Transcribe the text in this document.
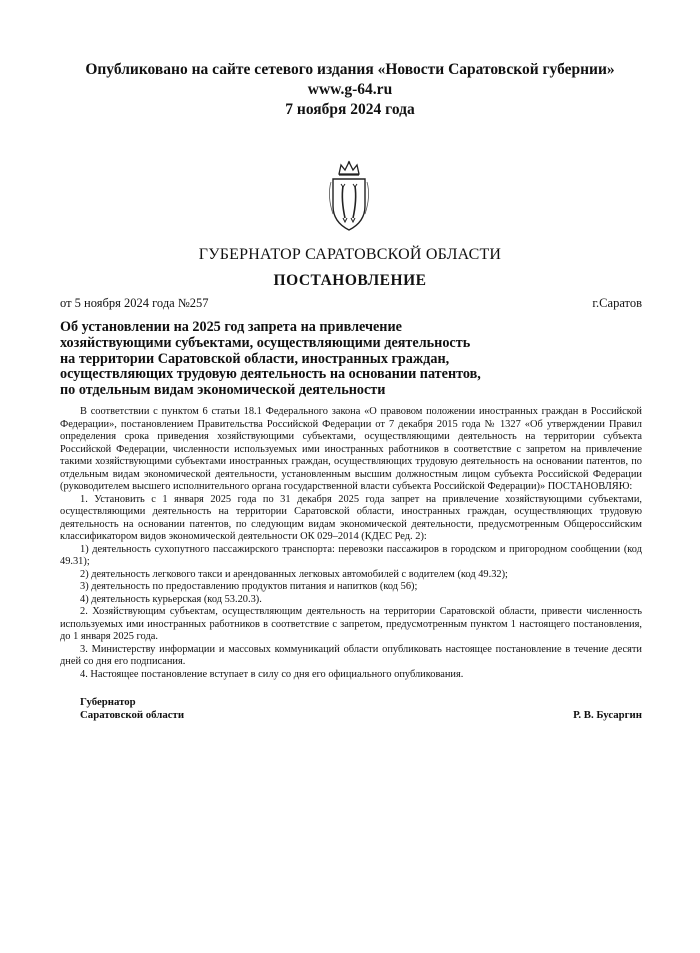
Опубликовано на сайте сетевого издания «Новости Саратовской губернии»
www.g-64.ru
7 ноября 2024 года
ГУБЕРНАТОР САРАТОВСКОЙ ОБЛАСТИ
ПОСТАНОВЛЕНИЕ
от 5 ноября 2024 года №257	г.Саратов
Об установлении на 2025 год запрета на привлечение
хозяйствующими субъектами, осуществляющими деятельность
на территории Саратовской области, иностранных граждан,
осуществляющих трудовую деятельность на основании патентов,
по отдельным видам экономической деятельности

В соответствии с пунктом 6 статьи 18.1 Федерального закона «О правовом положении иностранных граждан в Российской Федерации», постановлением Правительства Российской Федерации от 7 декабря 2015 года № 1327 «Об утверждении Правил определения срока приведения хозяйствующими субъектами, осуществляющими деятельность на территории субъекта Российской Федерации, численности используемых ими иностранных работников в соответствие с запретом на привлечение такими хозяйствующими субъектами иностранных граждан, осуществляющих трудовую деятельность на основании патентов, по отдельным видам экономической деятельности, установленным высшим должностным лицом субъекта Российской Федерации (руководителем высшего исполнительного органа государственной власти субъекта Российской Федерации)» ПОСТАНОВЛЯЮ:

1. Установить с 1 января 2025 года по 31 декабря 2025 года запрет на привлечение хозяйствующими субъектами, осуществляющими деятельность на территории Саратовской области, иностранных граждан, осуществляющих трудовую деятельность на основании патентов, по следующим видам экономической деятельности, предусмотренным Общероссийским классификатором видов экономической деятельности ОК 029–2014 (КДЕС Ред. 2):

1) деятельность сухопутного пассажирского транспорта: перевозки пассажиров в городском и пригородном сообщении (код 49.31);

2) деятельность легкового такси и арендованных легковых автомобилей с водителем (код 49.32);

3) деятельность по предоставлению продуктов питания и напитков (код 56);

4) деятельность курьерская (код 53.20.3).

2. Хозяйствующим субъектам, осуществляющим деятельность на территории Саратовской области, привести численность используемых ими иностранных работников в соответствие с запретом, предусмотренным пунктом 1 настоящего постановления, до 1 января 2025 года.

3. Министерству информации и массовых коммуникаций области опубликовать настоящее постановление в течение десяти дней со дня его подписания.

4. Настоящее постановление вступает в силу со дня его официального опубликования.

Губернатор
Саратовской области	Р. В. Бусаргин
